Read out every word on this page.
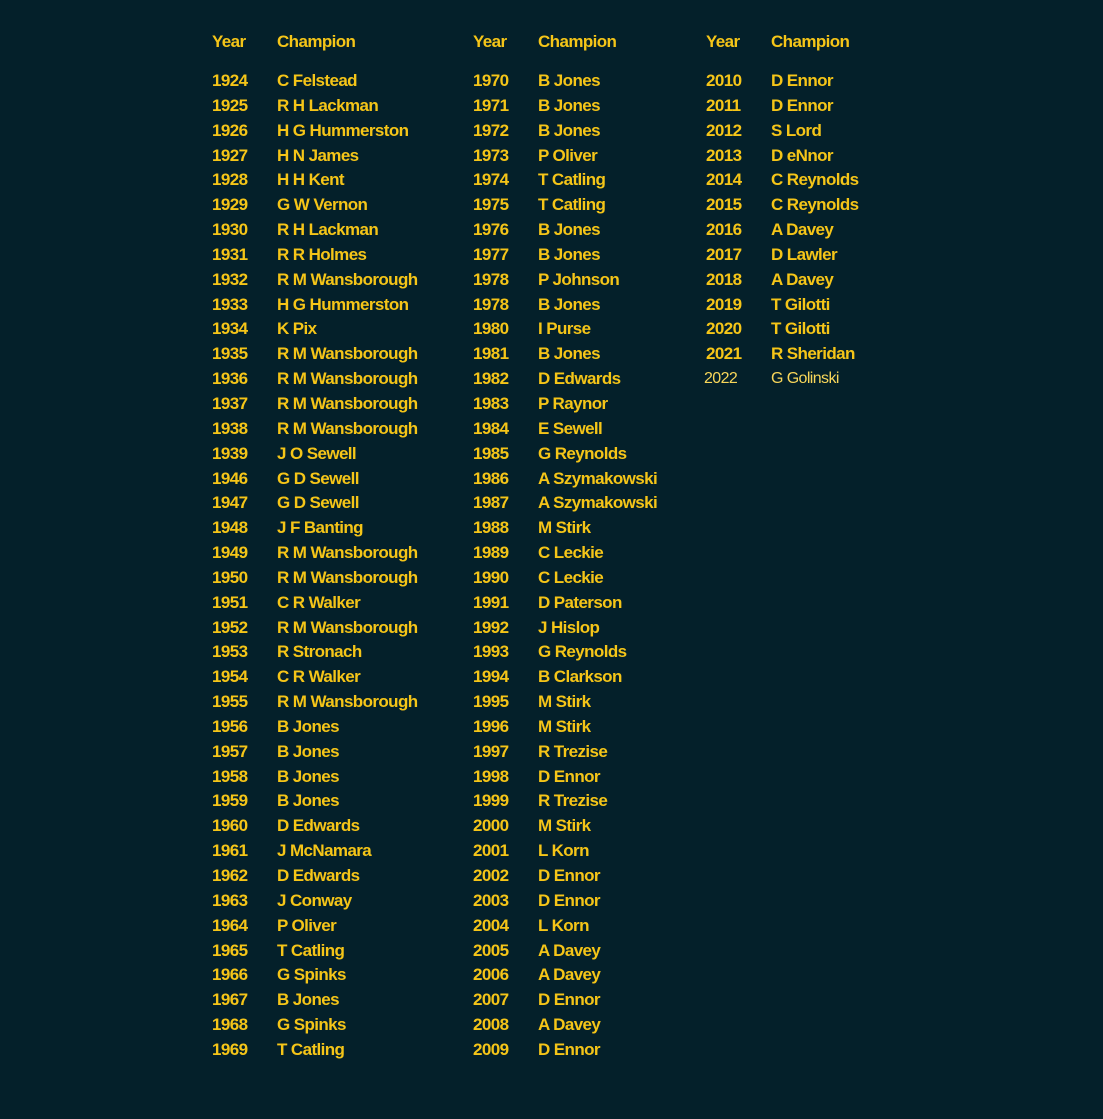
Year	Champion
1924	C Felstead
1925	R H Lackman
1926	H G Hummerston
1927	H N James
1928	H H Kent
1929	G W Vernon
1930	R H Lackman
1931	R R Holmes
1932	R M Wansborough
1933	H G Hummerston
1934	K Pix
1935	R M Wansborough
1936	R M Wansborough
1937	R M Wansborough
1938	R M Wansborough
1939	J O Sewell
1946	G D Sewell
1947	G D Sewell
1948	J F Banting
1949	R M Wansborough
1950	R M Wansborough
1951	C R Walker
1952	R M Wansborough
1953	R Stronach
1954	C R Walker
1955	R M Wansborough
1956	B Jones
1957	B Jones
1958	B Jones
1959	B Jones
1960	D Edwards
1961	J McNamara
1962	D Edwards
1963	J Conway
1964	P Oliver
1965	T Catling
1966	G Spinks
1967	B Jones
1968	G Spinks
1969	T Catling
Year	Champion
1970	B Jones
1971	B Jones
1972	B Jones
1973	P Oliver
1974	T Catling
1975	T Catling
1976	B Jones
1977	B Jones
1978	P Johnson
1978	B Jones
1980	I Purse
1981	B Jones
1982	D Edwards
1983	P Raynor
1984	E Sewell
1985	G Reynolds
1986	A Szymakowski
1987	A Szymakowski
1988	M Stirk
1989	C Leckie
1990	C Leckie
1991	D Paterson
1992	J Hislop
1993	G Reynolds
1994	B Clarkson
1995	M Stirk
1996	M Stirk
1997	R Trezise
1998	D Ennor
1999	R Trezise
2000	M Stirk
2001	L Korn
2002	D Ennor
2003	D Ennor
2004	L Korn
2005	A Davey
2006	A Davey
2007	D Ennor
2008	A Davey
2009	D Ennor
Year	Champion
2010	D Ennor
2011	D Ennor
2012	S Lord
2013	D eNnor
2014	C Reynolds
2015	C Reynolds
2016	A Davey
2017	D Lawler
2018	A Davey
2019	T Gilotti
2020	T Gilotti
2021	R Sheridan
2022	G Golinski
